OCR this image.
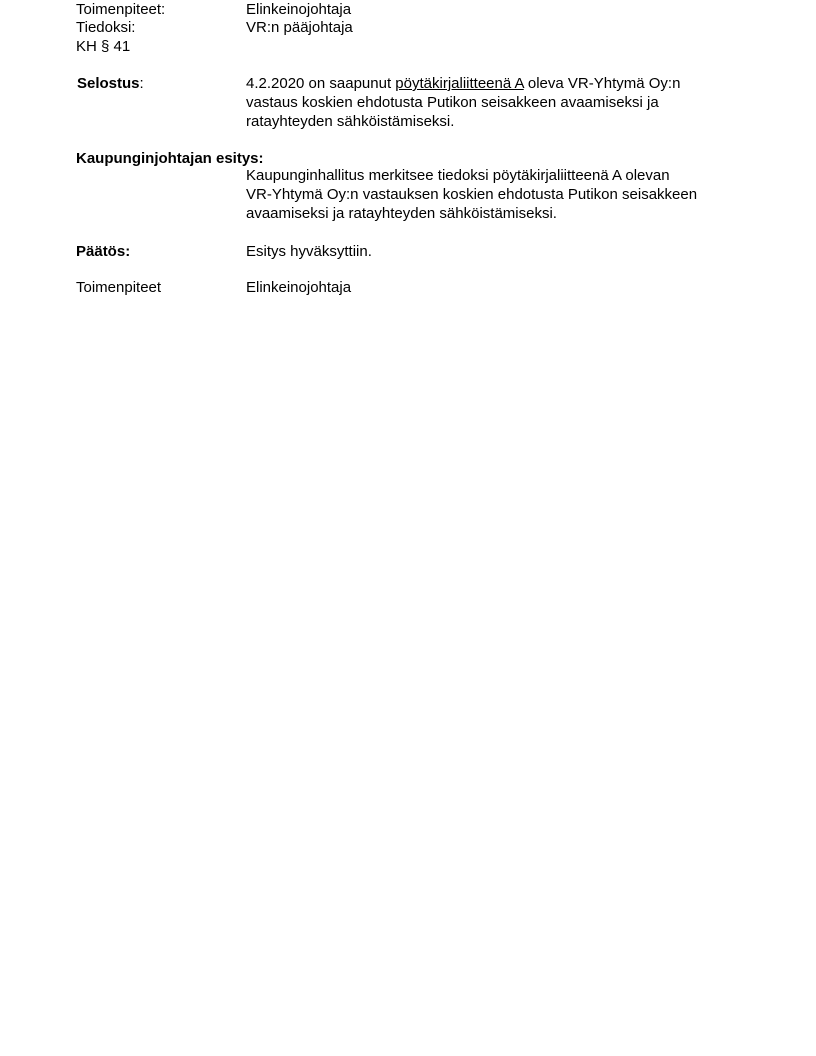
Toimenpiteet:	Elinkeinojohtaja
Tiedoksi:	VR:n pääjohtaja
KH § 41
Selostus:	4.2.2020 on saapunut pöytäkirjaliitteenä A oleva VR-Yhtymä Oy:n
vastaus koskien ehdotusta Putikon seisakkeen avaamiseksi ja
ratayhteyden sähköistämiseksi.
Kaupunginjohtajan esitys:
Kaupunginhallitus merkitsee tiedoksi pöytäkirjaliitteenä A olevan
VR-Yhtymä Oy:n vastauksen koskien ehdotusta Putikon seisakkeen
avaamiseksi ja ratayhteyden sähköistämiseksi.
Päätös:	Esitys hyväksyttiin.
Toimenpiteet	Elinkeinojohtaja
